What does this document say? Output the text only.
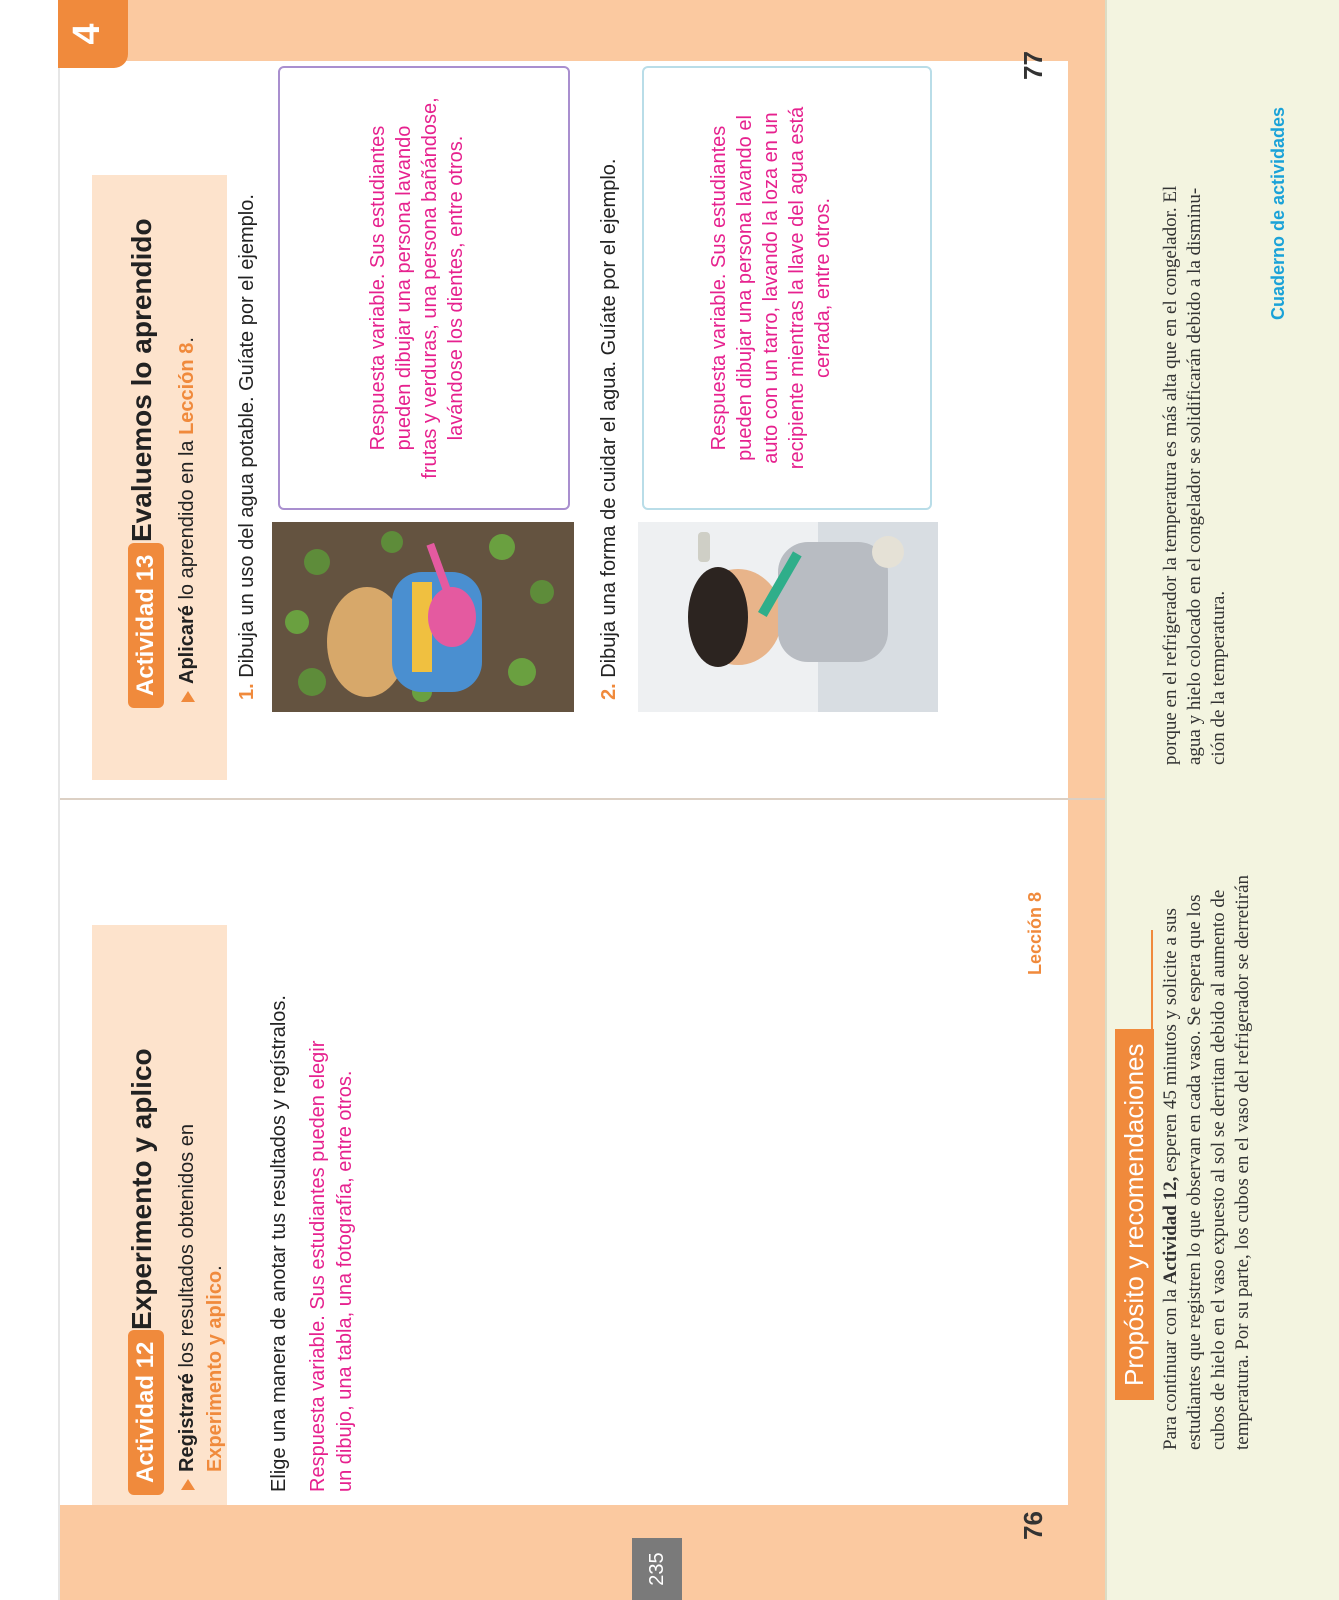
235
Actividad 12
Experimento y aplico
Registraré los resultados obtenidos en Experimento y aplico. Elige una manera de anotar tus resultados y regístralos. Respuesta variable. Sus estudiantes pueden elegir un dibujo, una tabla, una fotografía, entre otros.
Lección 8
76
Actividad 13
Evaluemos lo aprendido
Aplicaré lo aprendido en la Lección 8.
4
1. Dibuja un uso del agua potable. Guíate por el ejemplo.	Respuesta variable. Sus estudiantes pueden dibujar una persona lavando frutas y verduras, una persona bañándose, lavándose los dientes, entre otros.
2. Dibuja una forma de cuidar el agua. Guíate por el ejemplo.	Respuesta variable. Sus estudiantes pueden dibujar una persona lavando el auto con un tarro, lavando la loza en un recipiente mientras la llave del agua está cerrada, entre otros.
77
Propósito y recomendaciones Para continuar con la Actividad 12, esperen 45 minutos y solicite a sus estudiantes que registren lo que observan en cada vaso. Se espera que los cubos de hielo en el vaso expuesto al sol se derritan debido al aumento de temperatura. Por su parte, los cubos en el vaso del refrigerador se derretirán
porque en el refrigerador la temperatura es más alta que en el congelador. El agua y hielo colocado en el congelador se solidificarán debido a la disminu- ción de la temperatura.
Cuaderno de actividades
